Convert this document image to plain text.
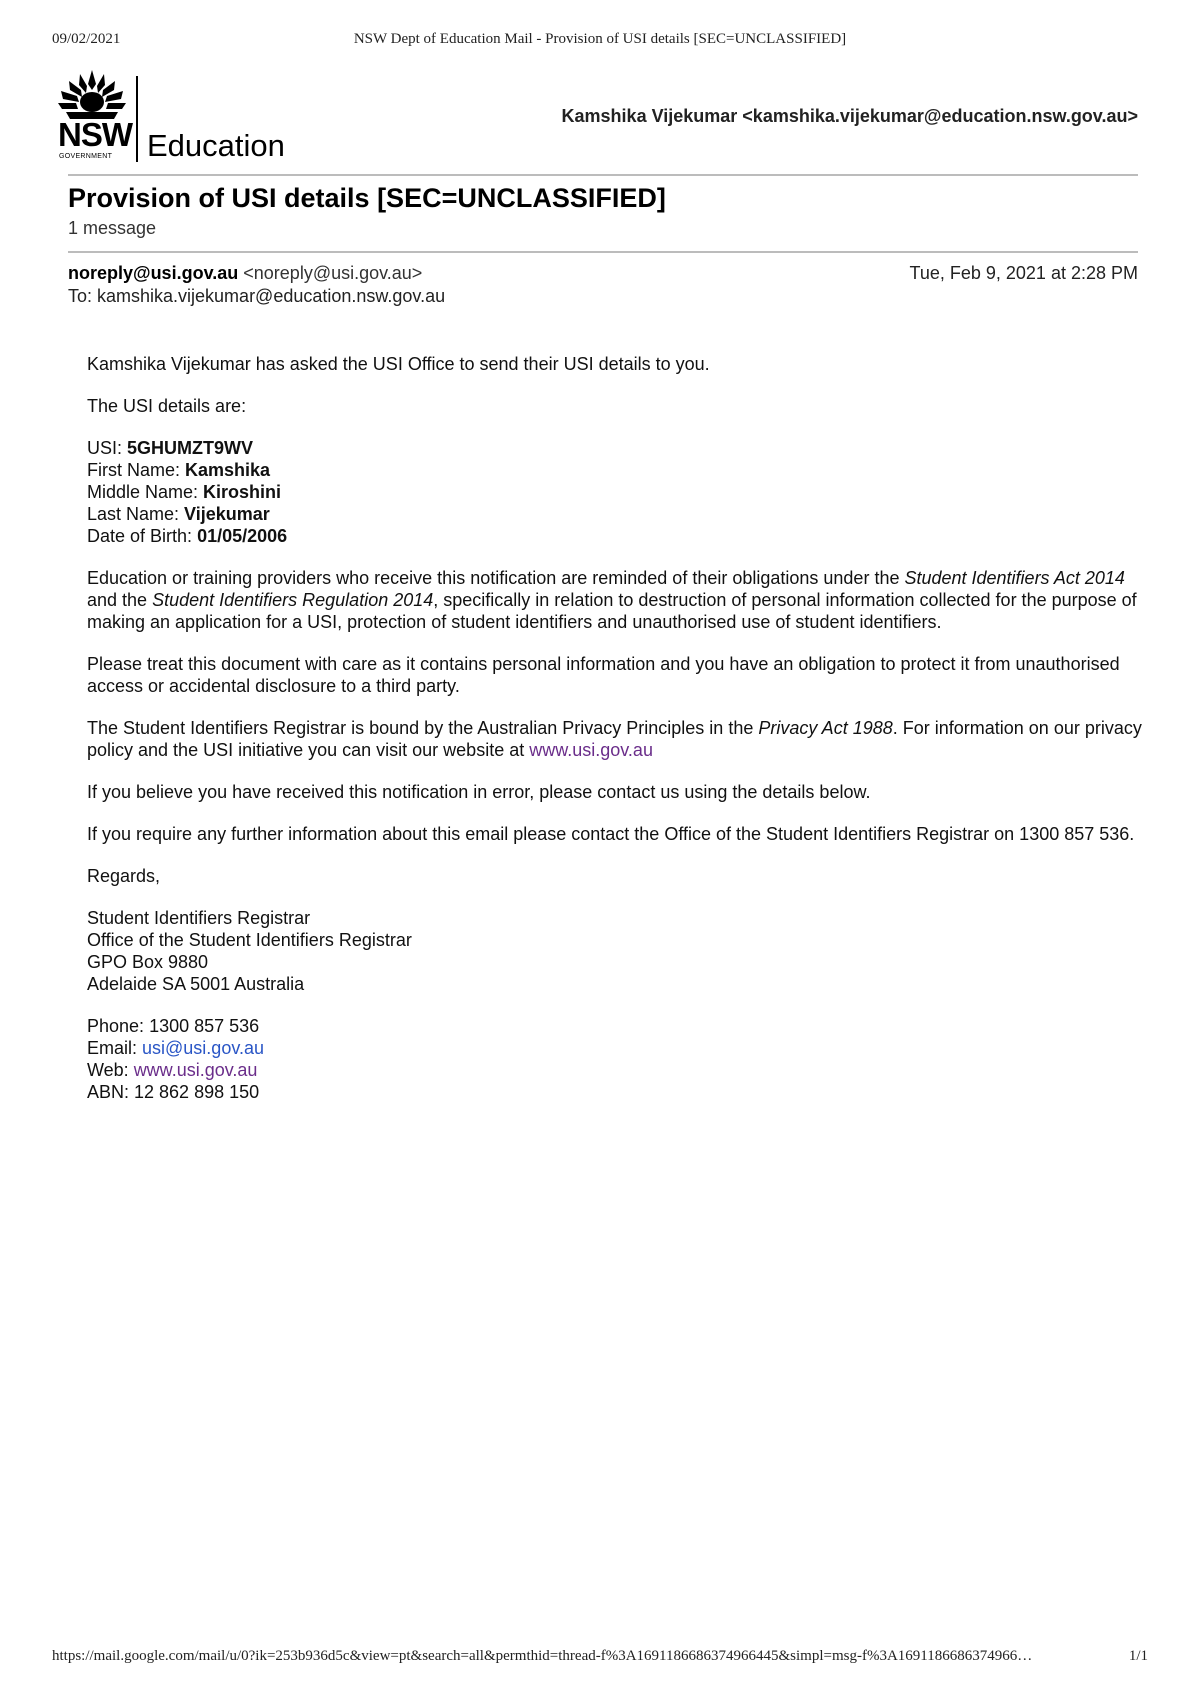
09/02/2021	NSW Dept of Education Mail - Provision of USI details [SEC=UNCLASSIFIED]
NSW
GOVERNMENT Education
Kamshika Vijekumar <kamshika.vijekumar@education.nsw.gov.au>
Provision of USI details [SEC=UNCLASSIFIED]
1 message
noreply@usi.gov.au <noreply@usi.gov.au>	Tue, Feb 9, 2021 at 2:28 PM
To: kamshika.vijekumar@education.nsw.gov.au

Kamshika Vijekumar has asked the USI Office to send their USI details to you.

The USI details are:

USI: 5GHUMZT9WV
First Name: Kamshika
Middle Name: Kiroshini
Last Name: Vijekumar
Date of Birth: 01/05/2006

Education or training providers who receive this notification are reminded of their obligations under the Student Identifiers Act 2014 and the Student Identifiers Regulation 2014, specifically in relation to destruction of personal information collected for the purpose of making an application for a USI, protection of student identifiers and unauthorised use of student identifiers.

Please treat this document with care as it contains personal information and you have an obligation to protect it from unauthorised access or accidental disclosure to a third party.

The Student Identifiers Registrar is bound by the Australian Privacy Principles in the Privacy Act 1988. For information on our privacy policy and the USI initiative you can visit our website at www.usi.gov.au

If you believe you have received this notification in error, please contact us using the details below.

If you require any further information about this email please contact the Office of the Student Identifiers Registrar on 1300 857 536.

Regards,

Student Identifiers Registrar
Office of the Student Identifiers Registrar
GPO Box 9880
Adelaide SA 5001 Australia
Phone: 1300 857 536
Email: usi@usi.gov.au
Web: www.usi.gov.au
ABN: 12 862 898 150
https://mail.google.com/mail/u/0?ik=253b936d5c&view=pt&search=all&permthid=thread-f%3A1691186686374966445&simpl=msg-f%3A1691186686374966…	1/1
